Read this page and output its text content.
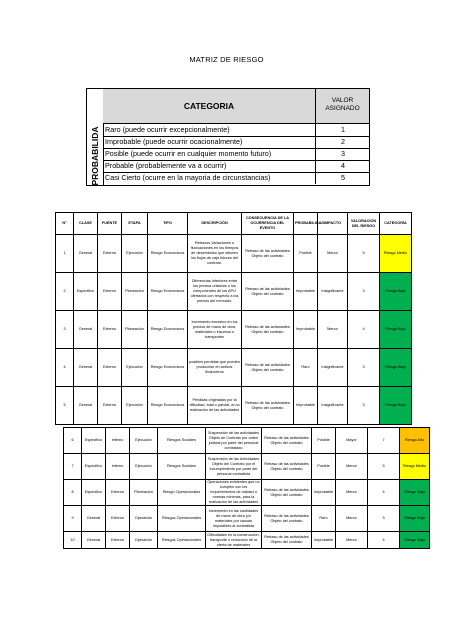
MATRIZ DE RIESGO
PROBABILIDA
CATEGORIA
VALOR ASIGNADO
Raro (puede ocurrir excepcionalmente)	1
Improbable (puede ocurrir ocacionalmente)	2
Posible (puede ocurrir en cualquier momento futuro)	3
Probable (probablemente va a ocurrir)	4
Casi Cierto (ocurre en la mayoria de circunstancias)	5
N°	CLASE	FUENTE	ETAPA	TIPO	DESCRIPCIÓN	CONSECUENCIA DE LA OCURRENCIA DEL EVENTO	PROBABILIDAD	IMPACTO	VALORACIÓN DEL RIESGO	CATEGORÍA
1	General	Externo	Ejecución	Riesgo Economicos	Retrazos Variaciones o fluctuaciones en los tiempos de desembolso que afecten los flujos de caja futuros del contrato.	Retraso de las actividades Objeto del contrato	Posible	Menor	5	Riesgo Medio
2	Especifico	Externo	Planeación	Riesgo Economicos	Diferencias inferiores entre los precios unitarios o los componentes de los APU ofertados con respecto a los precios del mercado.	Retraso de las actividades Objeto del contrato	Improbable	Insignificante	3	Riesgo Bajo
3	General	Externo	Planeación	Riesgo Economicos	Incremento excesivo en los precios de mano de obra, materiales o insumos o transportes	Retraso de las actividades Objeto del contrato	Improbable	Menor	4	Riesgo Bajo
4	General	Externo	Ejecución	Riesgo Economicos	posibles perdidas que pueden producirse en activos financieros	Retraso de las actividades Objeto del contrato	Raro	Insignificante	3	Riesgo Bajo
5	General	Externo	Ejecución	Riesgo Economicos	Pérdidas originadas por la dificultad, total o parcial, en la realización de las actividades	Retraso de las actividades Objeto del contrato	Improbable	Insignificante	3	Riesgo Bajo
6	Especifico	Interno	Ejecución	Riesgos Sociales	Suspensión de las actividades Objeto de Contrato por orden judicial por parte del personal contratado	Retraso de las actividades Objeto del contrato	Posible	Mayor	7	Riesgo Alto
7	Especifico	Interno	Ejecución	Riesgos Sociales	Suspensión de las Actividades Objeto del Contrato por el incumplimiento por parte del personal contratista	Retraso de las actividades Objeto del contrato	Posible	Menor	5	Riesgo Medio
8	Especifico	Externo	Planeación	Riesgo Operacionales	Operaciones existentes que no cumplen con los requerimientos de calidad o normas mínimas, para la realización de las actividades	Retraso de las actividades Objeto del contrato	Improbable	Menor	4	Riesgo Bajo
9	General	Externo	Operación	Riesgos Operacionales	incremento en las cantidades de mano de obra y/o materiales por causas imputables al contratista	Retraso de las actividades Objeto del contrato	Raro	Menor	3	Riesgo Bajo
10	General	Externo	Operación	Riesgos Operacionales	Dificultades en la construcción, transporte o reducción de la oferta de materiales	Retraso de las actividades Objeto del contrato	Improbable	Menor	4	Riesgo Bajo
